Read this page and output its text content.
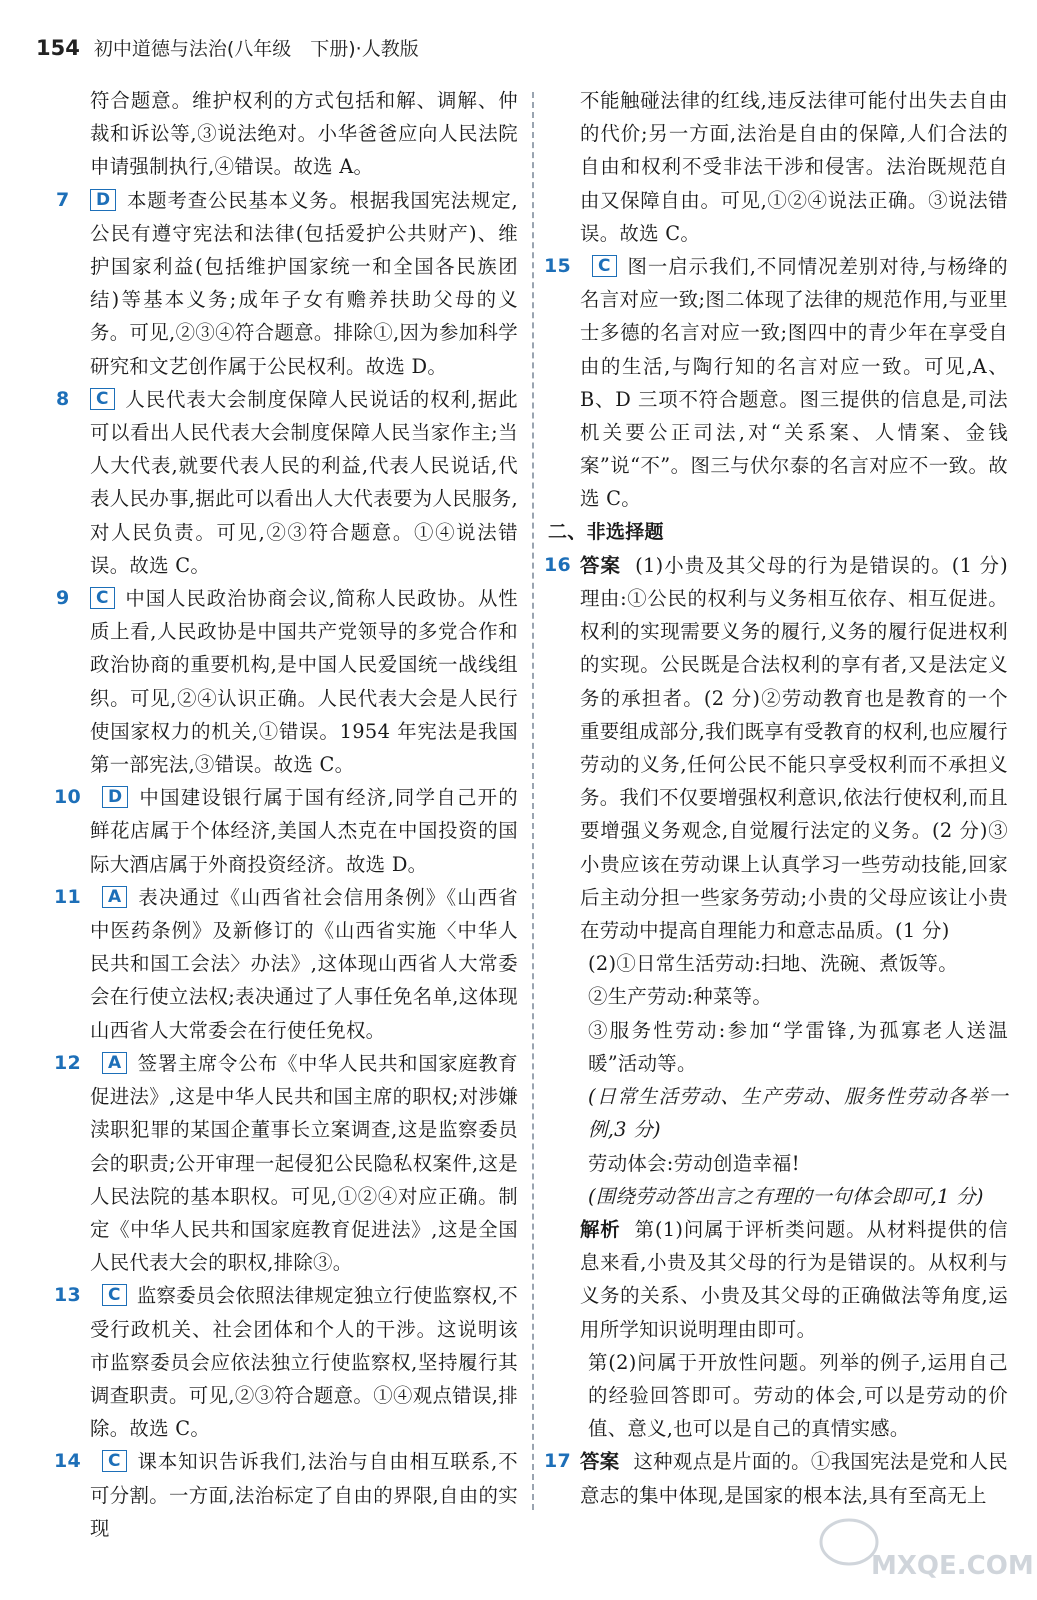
154 初中道德与法治(八年级　下册)·人教版

符合题意。维护权利的方式包括和解、调解、仲裁和诉讼等,③说法绝对。小华爸爸应向人民法院申请强制执行,④错误。故选 A。

7 D 本题考查公民基本义务。根据我国宪法规定,公民有遵守宪法和法律(包括爱护公共财产)、维护国家利益(包括维护国家统一和全国各民族团结)等基本义务;成年子女有赡养扶助父母的义务。可见,②③④符合题意。排除①,因为参加科学研究和文艺创作属于公民权利。故选 D。

8 C 人民代表大会制度保障人民说话的权利,据此可以看出人民代表大会制度保障人民当家作主;当人大代表,就要代表人民的利益,代表人民说话,代表人民办事,据此可以看出人大代表要为人民服务,对人民负责。可见,②③符合题意。①④说法错误。故选 C。

9 C 中国人民政治协商会议,简称人民政协。从性质上看,人民政协是中国共产党领导的多党合作和政治协商的重要机构,是中国人民爱国统一战线组织。可见,②④认识正确。人民代表大会是人民行使国家权力的机关,①错误。1954 年宪法是我国第一部宪法,③错误。故选 C。

10 D 中国建设银行属于国有经济,同学自己开的鲜花店属于个体经济,美国人杰克在中国投资的国际大酒店属于外商投资经济。故选 D。

11 A 表决通过《山西省社会信用条例》《山西省中医药条例》及新修订的《山西省实施〈中华人民共和国工会法〉办法》,这体现山西省人大常委会在行使立法权;表决通过了人事任免名单,这体现山西省人大常委会在行使任免权。

12 A 签署主席令公布《中华人民共和国家庭教育促进法》,这是中华人民共和国主席的职权;对涉嫌渎职犯罪的某国企董事长立案调查,这是监察委员会的职责;公开审理一起侵犯公民隐私权案件,这是人民法院的基本职权。可见,①②④对应正确。制定《中华人民共和国家庭教育促进法》,这是全国人民代表大会的职权,排除③。

13 C 监察委员会依照法律规定独立行使监察权,不受行政机关、社会团体和个人的干涉。这说明该市监察委员会应依法独立行使监察权,坚持履行其调查职责。可见,②③符合题意。①④观点错误,排除。故选 C。

14 C 课本知识告诉我们,法治与自由相互联系,不可分割。一方面,法治标定了自由的界限,自由的实现

不能触碰法律的红线,违反法律可能付出失去自由的代价;另一方面,法治是自由的保障,人们合法的自由和权利不受非法干涉和侵害。法治既规范自由又保障自由。可见,①②④说法正确。③说法错误。故选 C。

15 C 图一启示我们,不同情况差别对待,与杨绛的名言对应一致;图二体现了法律的规范作用,与亚里士多德的名言对应一致;图四中的青少年在享受自由的生活,与陶行知的名言对应一致。可见,A、B、D 三项不符合题意。图三提供的信息是,司法机关要公正司法,对“关系案、人情案、金钱案”说“不”。图三与伏尔泰的名言对应不一致。故选 C。

二、非选择题

16 答案 (1)小贵及其父母的行为是错误的。(1 分)理由:①公民的权利与义务相互依存、相互促进。权利的实现需要义务的履行,义务的履行促进权利的实现。公民既是合法权利的享有者,又是法定义务的承担者。(2 分)②劳动教育也是教育的一个重要组成部分,我们既享有受教育的权利,也应履行劳动的义务,任何公民不能只享受权利而不承担义务。我们不仅要增强权利意识,依法行使权利,而且要增强义务观念,自觉履行法定的义务。(2 分)③小贵应该在劳动课上认真学习一些劳动技能,回家后主动分担一些家务劳动;小贵的父母应该让小贵在劳动中提高自理能力和意志品质。(1 分)

(2)①日常生活劳动:扫地、洗碗、煮饭等。

②生产劳动:种菜等。

③服务性劳动:参加“学雷锋,为孤寡老人送温暖”活动等。

(日常生活劳动、生产劳动、服务性劳动各举一例,3 分)

劳动体会:劳动创造幸福!

(围绕劳动答出言之有理的一句体会即可,1 分)

解析 第(1)问属于评析类问题。从材料提供的信息来看,小贵及其父母的行为是错误的。从权利与义务的关系、小贵及其父母的正确做法等角度,运用所学知识说明理由即可。

第(2)问属于开放性问题。列举的例子,运用自己的经验回答即可。劳动的体会,可以是劳动的价值、意义,也可以是自己的真情实感。

17 答案 这种观点是片面的。①我国宪法是党和人民意志的集中体现,是国家的根本法,具有至高无上

MXQE.COM
